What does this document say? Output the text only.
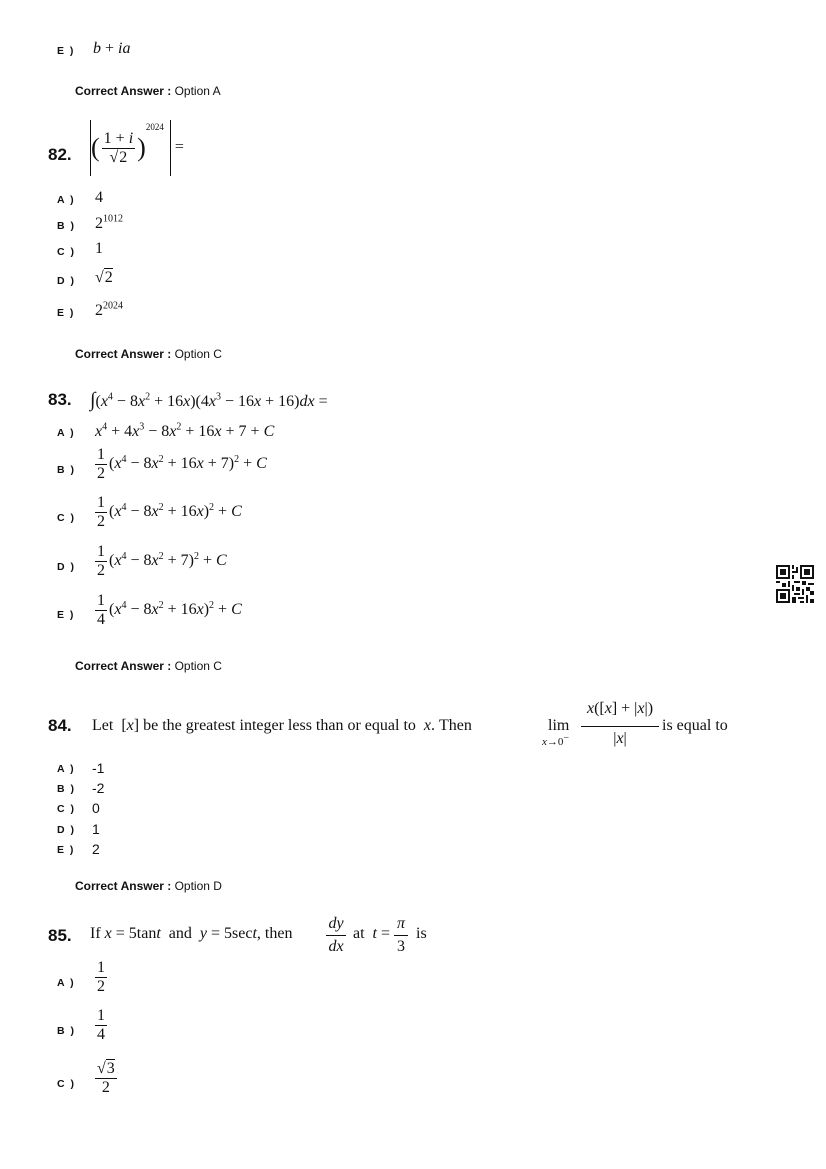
E ) b + ia
Correct Answer : Option A
82. ( $\frac{1 + i}{√2} )^{2024}$ =
A ) 4
B ) $2^{1012}$
C ) 1
D ) √2
E ) $2^{2024}$
Correct Answer : Option C
83. $\int(x^4 - 8x^2 + 16x)(4x^3 - 16x + 16)dx$ =
A ) $x^4 + 4x^3 - 8x^2 + 16x + 7 + C$
B ) $\frac{1}{2} (x^4 - 8x^2 + 16x + 7)^2 + C$
C ) $\frac{1}{2} (x^4 - 8x^2 + 16x)^2 + C$
D ) $\frac{1}{2} (x^4 - 8x^2 + 7)^2 + C$
E ) $\frac{1}{4} (x^4 - 8x^2 + 16x)^2 + C$
Correct Answer : Option C
84. Let  [x] be the greatest integer less than or equal to  x. Then	lim
x→0−
x([x] + |x|)
|x|
is equal to
A ) -1
B ) -2
C ) 0
D ) 1
E ) 2
Correct Answer : Option D
85. If x = 5tant  and  y = 5sect, then
dy
dx
at  t =
π
3
is
A ) $\frac{1}{2}$
B ) $\frac{1}{4}$
C ) $\frac{√3}{2}$
